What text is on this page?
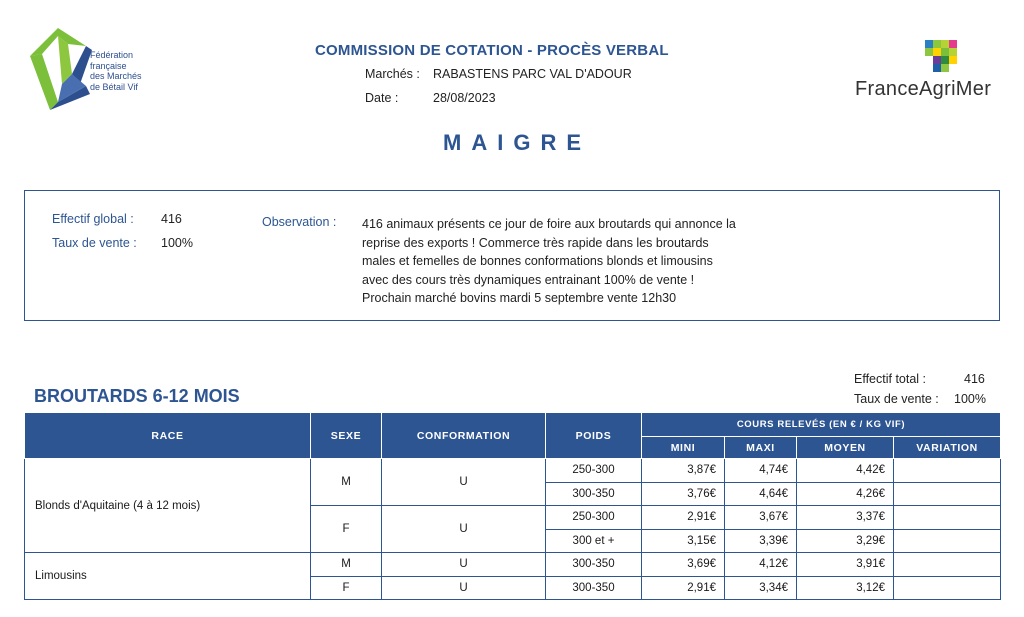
Fédération
française
des Marchés
de Bétail Vif
COMMISSION DE COTATION - PROCÈS VERBAL
Marchés : RABASTENS PARC VAL D'ADOUR
Date :	28/08/2023	FranceAgriMer
MAIGRE
Effectif global : 416
Taux de vente : 100%
Observation : 416 animaux présents ce jour de foire aux broutards qui annonce la
reprise des exports ! Commerce très rapide dans les broutards
males et femelles de bonnes conformations blonds et limousins
avec des cours très dynamiques entrainant 100% de vente !
Prochain marché bovins mardi 5 septembre vente 12h30
BROUTARDS 6-12 MOIS
Effectif total :	416
Taux de vente : 100%
RACE	SEXE	CONFORMATION	POIDS	COURS RELEVÉS (EN € / KG VIF)			
				MINI	MAXI	MOYEN	VARIATION
Blonds d'Aquitaine (4 à 12 mois)	M	U	250-300	3,87€	4,74€	4,42€	
			300-350	3,76€	4,64€	4,26€	
	F	U	250-300	2,91€	3,67€	3,37€	
			300 et +	3,15€	3,39€	3,29€	
Limousins	M	U	300-350	3,69€	4,12€	3,91€	
	F	U	300-350	2,91€	3,34€	3,12€	
